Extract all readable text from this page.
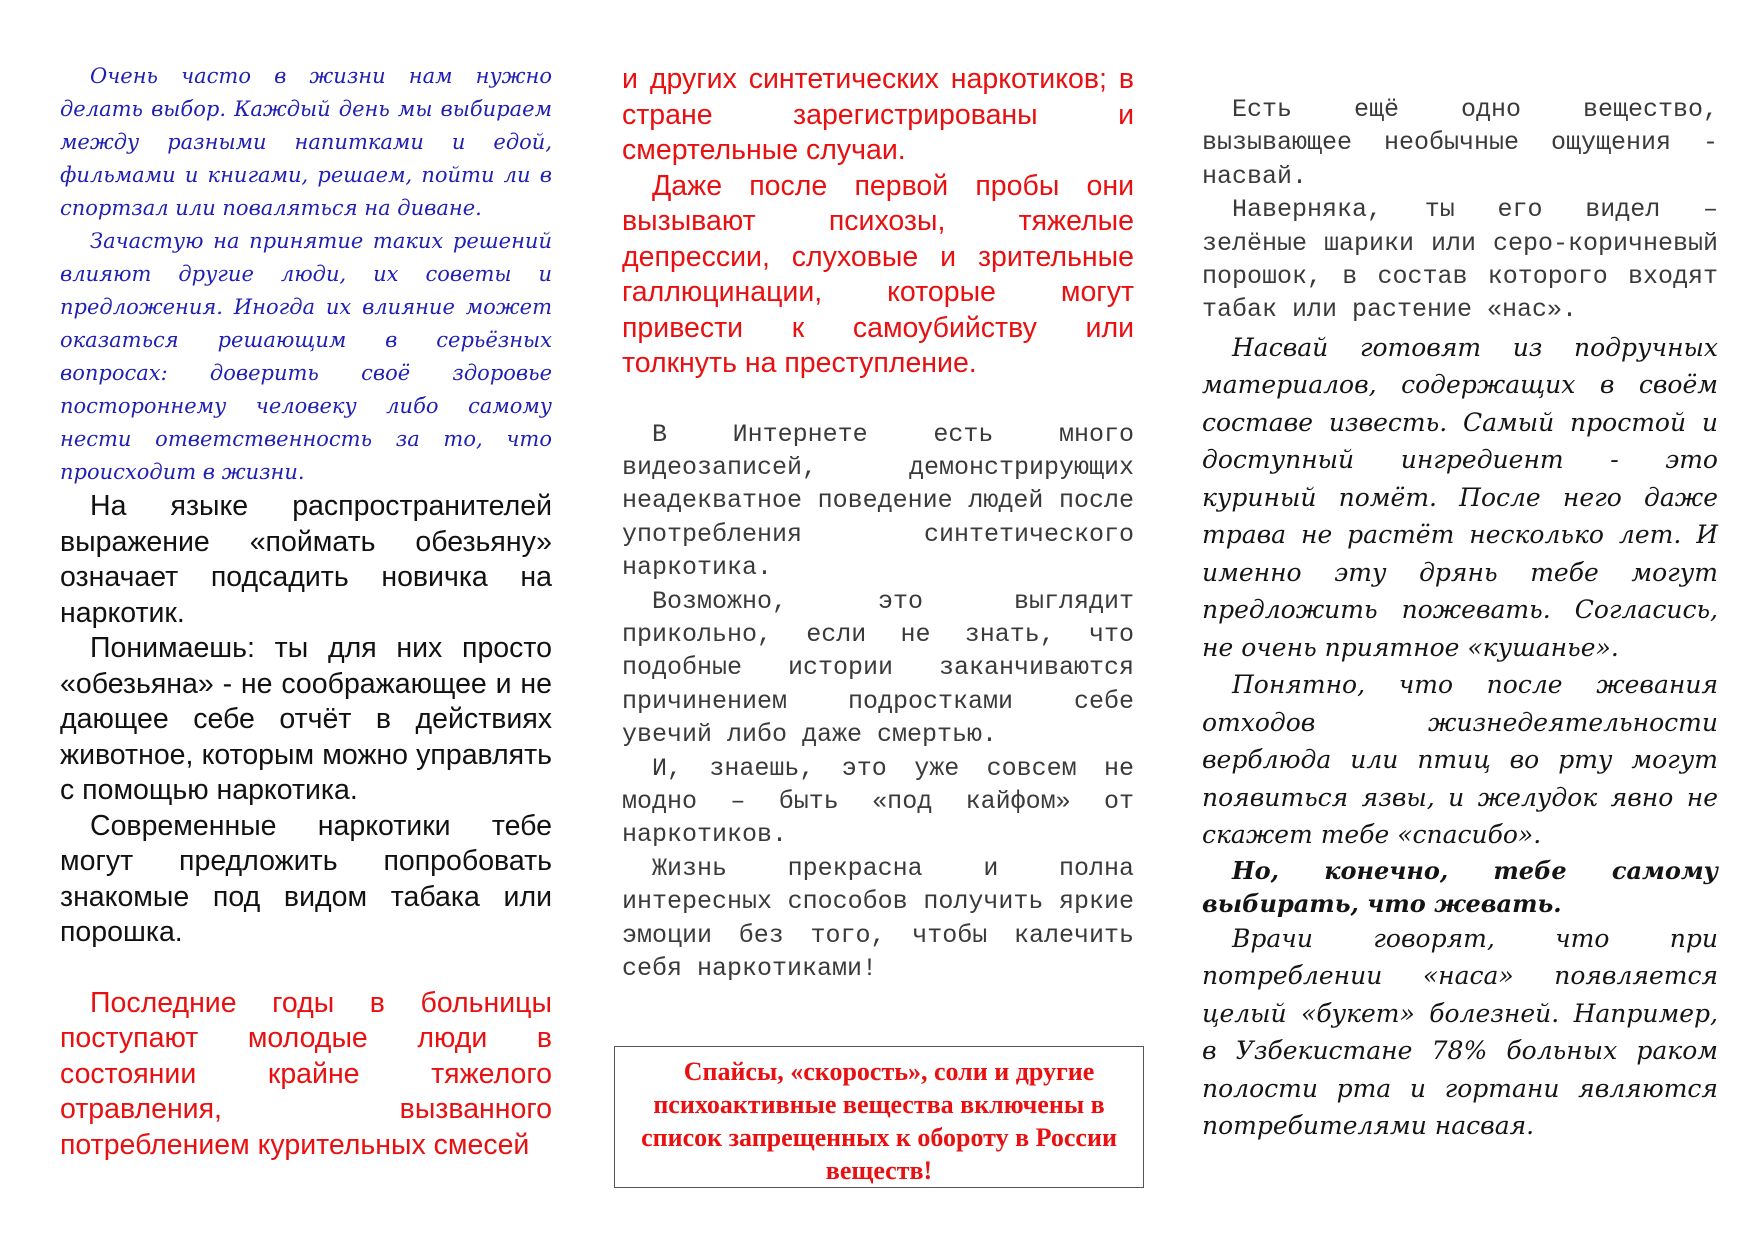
Очень часто в жизни нам нужно делать выбор. Каждый день мы выбираем между разными напитками и едой, фильмами и книгами, решаем, пойти ли в спортзал или поваляться на диване.

Зачастую на принятие таких решений влияют другие люди, их советы и предложения. Иногда их влияние может оказаться решающим в серьёзных вопросах: доверить своё здоровье постороннему человеку либо самому нести ответственность за то, что происходит в жизни.

На языке распространителей выражение «поймать обезьяну» означает подсадить новичка на наркотик.

Понимаешь: ты для них просто «обезьяна» - не соображающее и не дающее себе отчёт в действиях животное, которым можно управлять с помощью наркотика.

Современные наркотики тебе могут предложить попробовать знакомые под видом табака или порошка.

Последние годы в больницы поступают молодые люди в состоянии крайне тяжелого отравления, вызванного потреблением курительных смесей

и других синтетических наркотиков; в стране зарегистрированы и смертельные случаи.

Даже после первой пробы они вызывают психозы, тяжелые депрессии, слуховые и зрительные галлюцинации, которые могут привести к самоубийству или толкнуть на преступление.

В Интернете есть много видеозаписей, демонстрирующих неадекватное поведение людей после употребления синтетического наркотика.

Возможно, это выглядит прикольно, если не знать, что подобные истории заканчиваются причинением подростками себе увечий либо даже смертью.

И, знаешь, это уже совсем не модно – быть «под кайфом» от наркотиков.

Жизнь прекрасна и полна интересных способов получить яркие эмоции без того, чтобы калечить себя наркотиками!

Спайсы, «скорость», соли и другие психоактивные вещества включены в список запрещенных к обороту в России веществ!

Есть ещё одно вещество, вызывающее необычные ощущения - насвай.

Наверняка, ты его видел – зелёные шарики или серо-коричневый порошок, в состав которого входят табак или растение «нас».

Насвай готовят из подручных материалов, содержащих в своём составе известь. Самый простой и доступный ингредиент - это куриный помёт. После него даже трава не растёт несколько лет. И именно эту дрянь тебе могут предложить пожевать. Согласись, не очень приятное «кушанье».

Понятно, что после жевания отходов жизнедеятельности верблюда или птиц во рту могут появиться язвы, и желудок явно не скажет тебе «спасибо».

Но, конечно, тебе самому выбирать, что жевать.

Врачи говорят, что при потреблении «наса» появляется целый «букет» болезней. Например, в Узбекистане 78% больных раком полости рта и гортани являются потребителями насвая.
